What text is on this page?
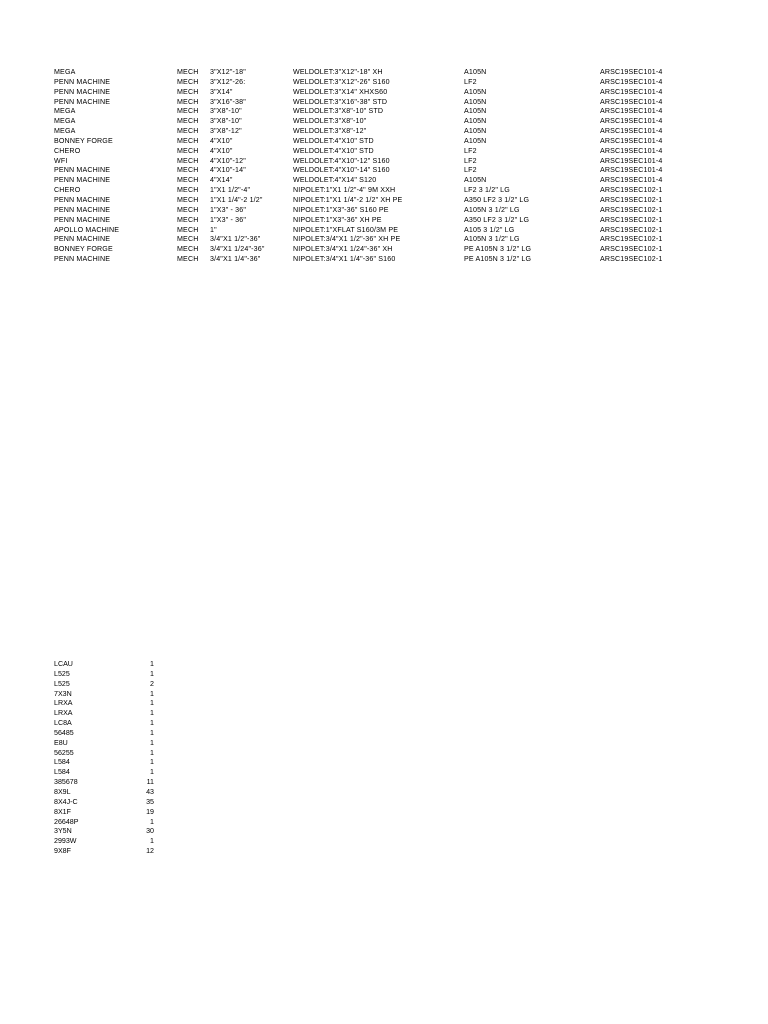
MEGA	MECH 3"X12"-18"	WELDOLET:3"X12"-18" XH	A105N	ARSC19SEC101-4
PENN MACHINE	MECH 3"X12"-26:	WELDOLET:3"X12"-26" S160	LF2	ARSC19SEC101-4
PENN MACHINE	MECH 3"X14"	WELDOLET:3"X14" XHXS60	A105N	ARSC19SEC101-4
PENN MACHINE	MECH 3"X16"-38"	WELDOLET:3"X16"-38" STD	A105N	ARSC19SEC101-4
MEGA	MECH 3"X8"-10"	WELDOLET:3"X8"-10" STD	A105N	ARSC19SEC101-4
MEGA	MECH 3"X8"-10"	WELDOLET:3"X8"-10"	A105N	ARSC19SEC101-4
MEGA	MECH 3"X8"-12"	WELDOLET:3"X8"-12"	A105N	ARSC19SEC101-4
BONNEY FORGE	MECH 4"X10"	WELDOLET:4"X10" STD	A105N	ARSC19SEC101-4
CHERO	MECH 4"X10"	WELDOLET:4"X10" STD	LF2	ARSC19SEC101-4
WFI	MECH 4"X10"-12"	WELDOLET:4"X10"-12" S160	LF2	ARSC19SEC101-4
PENN MACHINE	MECH 4"X10"-14"	WELDOLET:4"X10"-14" S160	LF2	ARSC19SEC101-4
PENN MACHINE	MECH 4"X14"	WELDOLET:4"X14" S120	A105N	ARSC19SEC101-4
CHERO	MECH 1"X1 1/2"-4"	NIPOLET:1"X1 1/2"-4" 9M XXH	LF2 3 1/2" LG	ARSC19SEC102-1
PENN MACHINE	MECH 1"X1 1/4"-2 1/2"	NIPOLET:1"X1 1/4"-2 1/2" XH PE	A350 LF2 3 1/2" LG	ARSC19SEC102-1
PENN MACHINE	MECH 1"X3" - 36"	NIPOLET:1"X3"-36" S160 PE	A105N 3 1/2" LG	ARSC19SEC102-1
PENN MACHINE	MECH 1"X3" - 36"	NIPOLET:1"X3"-36" XH PE	A350 LF2 3 1/2" LG	ARSC19SEC102-1
APOLLO MACHINE	MECH 1"	NIPOLET:1"XFLAT S160/3M PE	A105 3 1/2" LG	ARSC19SEC102-1
PENN MACHINE	MECH 3/4"X1 1/2"-36"	NIPOLET:3/4"X1 1/2"-36" XH PE	A105N 3 1/2" LG	ARSC19SEC102-1
BONNEY FORGE	MECH 3/4"X1 1/24"-36"	NIPOLET:3/4"X1 1/24"-36" XH	PE A105N 3 1/2" LG	ARSC19SEC102-1
PENN MACHINE	MECH 3/4"X1 1/4"-36"	NIPOLET:3/4"X1 1/4"-36" S160	PE A105N 3 1/2" LG	ARSC19SEC102-1
LCAU	1
L525	1
L525	2
7X3N	1
LRXA	1
LRXA	1
LC8A	1
56485	1
E8U	1
56255	1
L584	1
L584	1
385678	11
8X9L	43
8X4J-C	35
8X1F	19
26648P	1
3Y5N	30
2993W	1
9X8F	12
